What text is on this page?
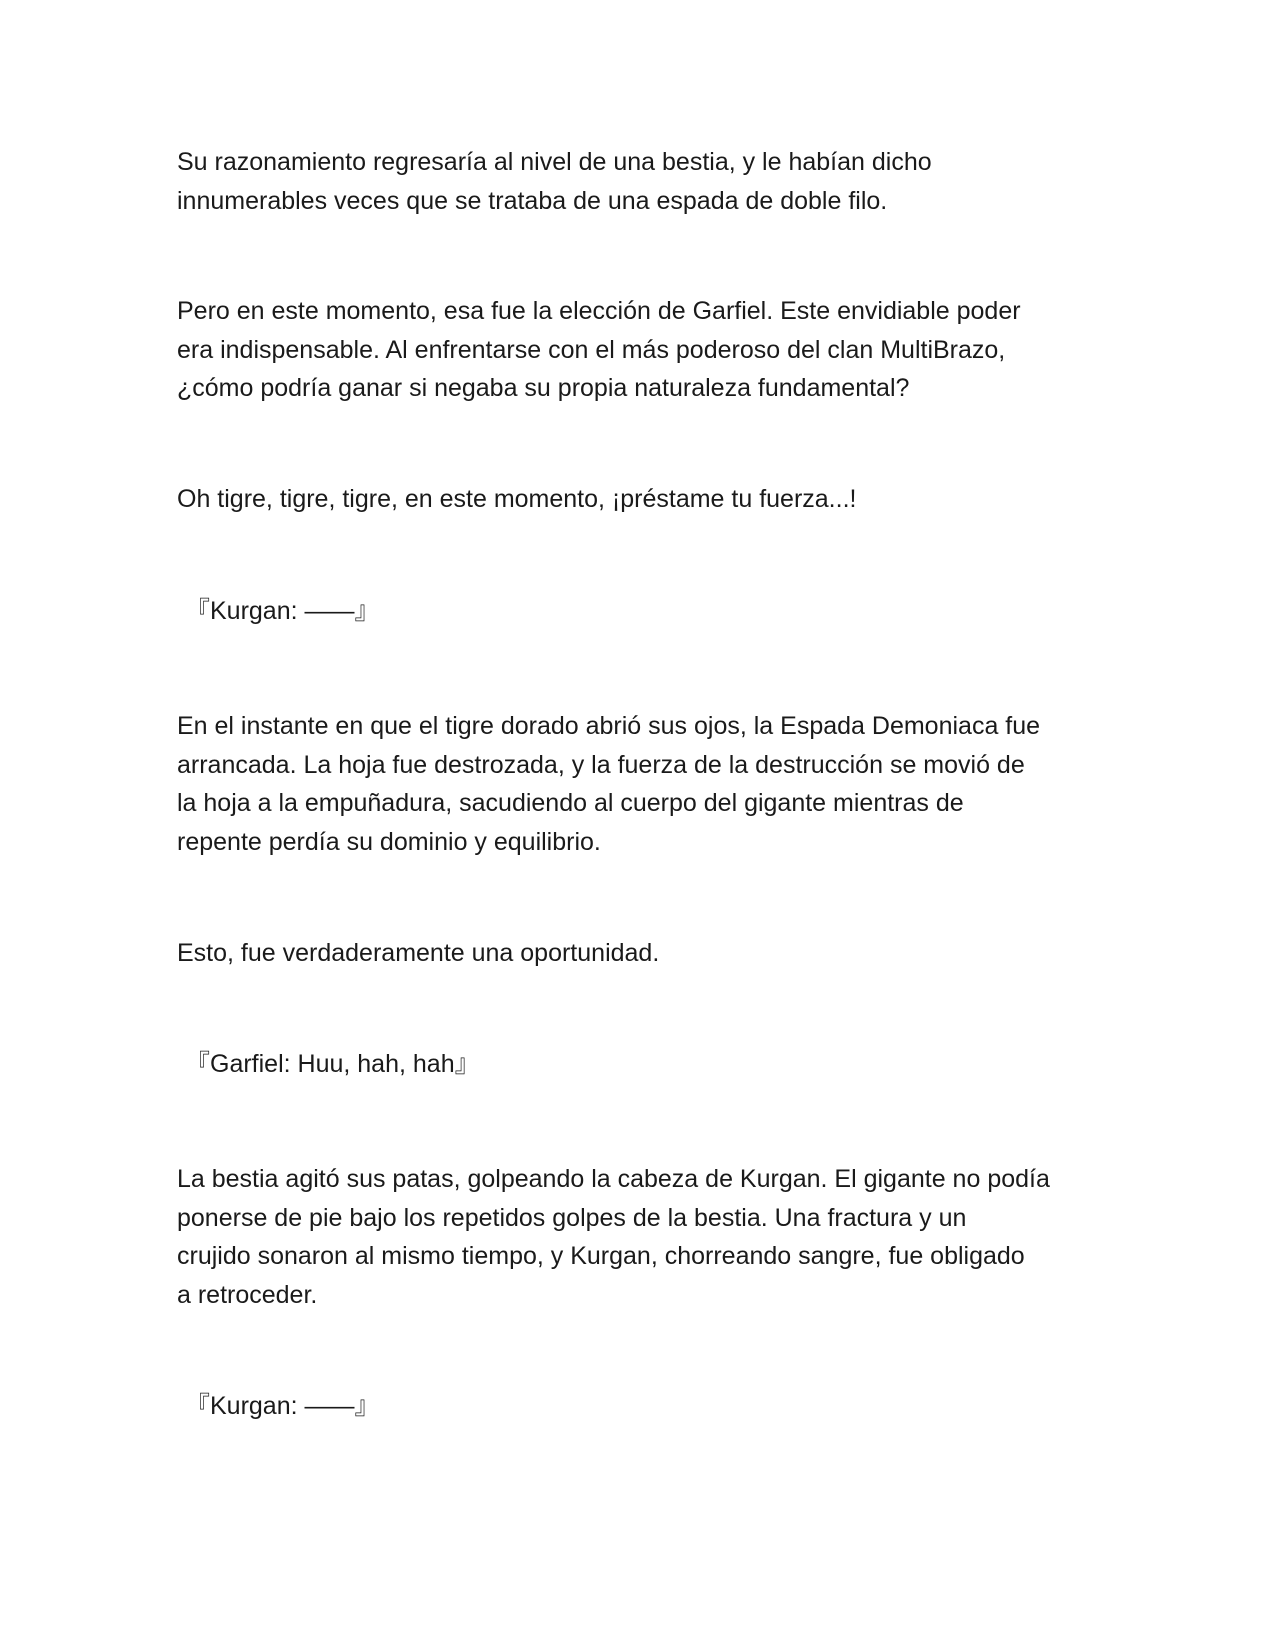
Su razonamiento regresaría al nivel de una bestia, y le habían dicho
innumerables veces que se trataba de una espada de doble filo.

Pero en este momento, esa fue la elección de Garfiel. Este envidiable poder
era indispensable. Al enfrentarse con el más poderoso del clan MultiBrazo,
¿cómo podría ganar si negaba su propia naturaleza fundamental?

Oh tigre, tigre, tigre, en este momento, ¡préstame tu fuerza...!

『Kurgan: ——』

En el instante en que el tigre dorado abrió sus ojos, la Espada Demoniaca fue
arrancada. La hoja fue destrozada, y la fuerza de la destrucción se movió de
la hoja a la empuñadura, sacudiendo al cuerpo del gigante mientras de
repente perdía su dominio y equilibrio.

Esto, fue verdaderamente una oportunidad.

『Garfiel: Huu, hah, hah』

La bestia agitó sus patas, golpeando la cabeza de Kurgan. El gigante no podía
ponerse de pie bajo los repetidos golpes de la bestia. Una fractura y un
crujido sonaron al mismo tiempo, y Kurgan, chorreando sangre, fue obligado
a retroceder.

『Kurgan: ——』
